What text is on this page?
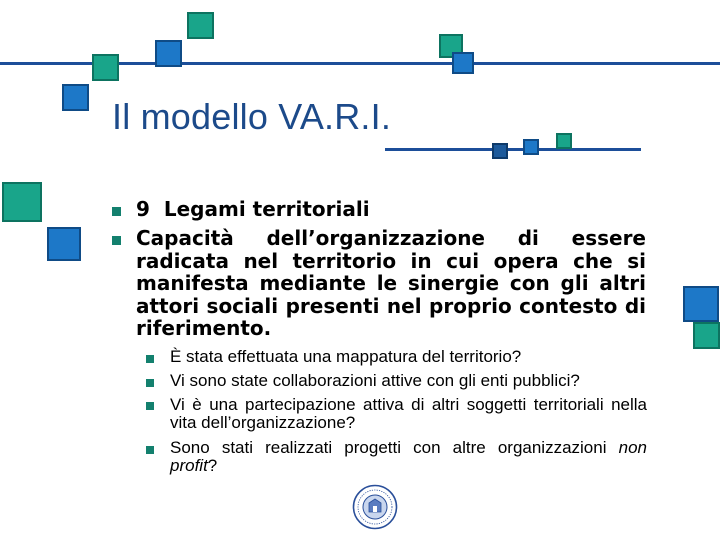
Il modello VA.R.I.
9 Legami territoriali
Capacità dell’organizzazione di essere radicata nel territorio in cui opera che si manifesta mediante le sinergie con gli altri attori sociali presenti nel proprio contesto di riferimento.
È stata effettuata una mappatura del territorio?
Vi sono state collaborazioni attive con gli enti pubblici?
Vi è una partecipazione attiva di altri soggetti territoriali nella vita dell’organizzazione?
Sono stati realizzati progetti con altre organizzazioni non profit?
